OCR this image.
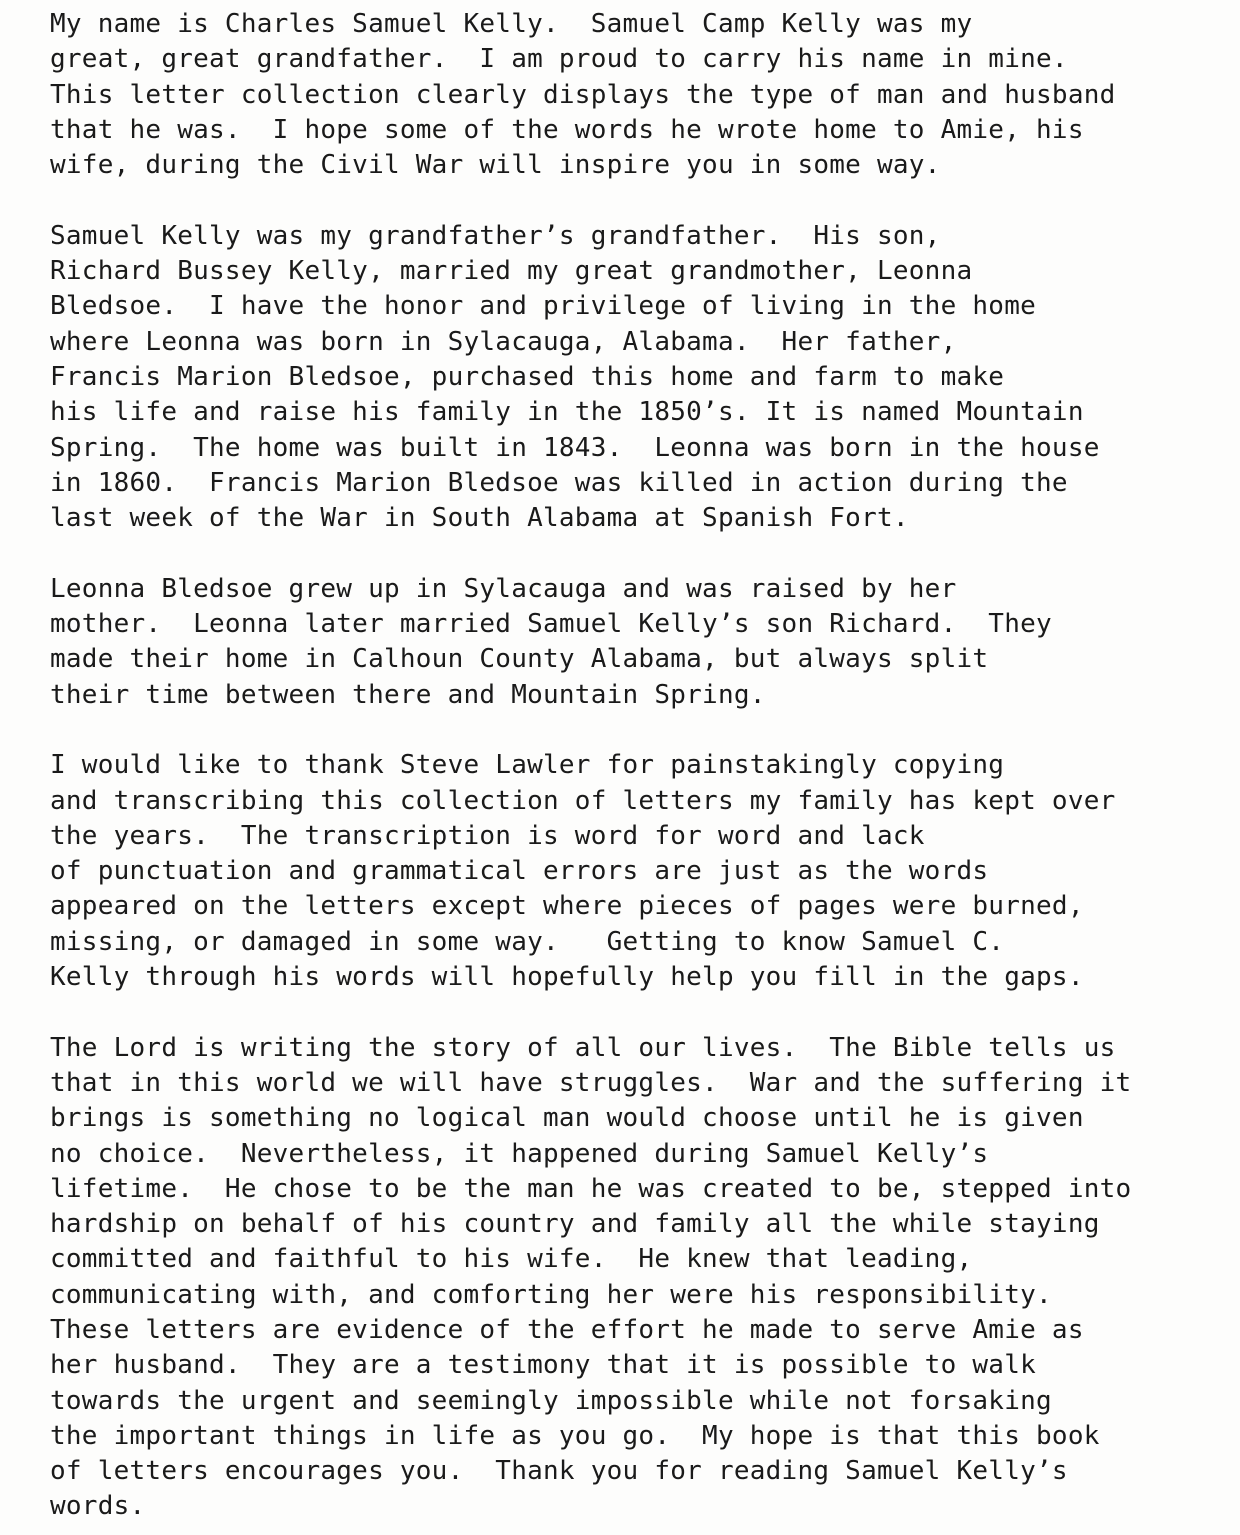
My name is Charles Samuel Kelly.  Samuel Camp Kelly was my
great, great grandfather.  I am proud to carry his name in mine.
This letter collection clearly displays the type of man and husband
that he was.  I hope some of the words he wrote home to Amie, his
wife, during the Civil War will inspire you in some way.
Samuel Kelly was my grandfather’s grandfather.  His son,
Richard Bussey Kelly, married my great grandmother, Leonna
Bledsoe.  I have the honor and privilege of living in the home
where Leonna was born in Sylacauga, Alabama.  Her father,
Francis Marion Bledsoe, purchased this home and farm to make
his life and raise his family in the 1850’s. It is named Mountain
Spring.  The home was built in 1843.  Leonna was born in the house
in 1860.  Francis Marion Bledsoe was killed in action during the
last week of the War in South Alabama at Spanish Fort.
Leonna Bledsoe grew up in Sylacauga and was raised by her
mother.  Leonna later married Samuel Kelly’s son Richard.  They
made their home in Calhoun County Alabama, but always split
their time between there and Mountain Spring.
I would like to thank Steve Lawler for painstakingly copying
and transcribing this collection of letters my family has kept over
the years.  The transcription is word for word and lack
of punctuation and grammatical errors are just as the words
appeared on the letters except where pieces of pages were burned,
missing, or damaged in some way.   Getting to know Samuel C.
Kelly through his words will hopefully help you fill in the gaps.
The Lord is writing the story of all our lives.  The Bible tells us
that in this world we will have struggles.  War and the suffering it
brings is something no logical man would choose until he is given
no choice.  Nevertheless, it happened during Samuel Kelly’s
lifetime.  He chose to be the man he was created to be, stepped into
hardship on behalf of his country and family all the while staying
committed and faithful to his wife.  He knew that leading,
communicating with, and comforting her were his responsibility.
These letters are evidence of the effort he made to serve Amie as
her husband.  They are a testimony that it is possible to walk
towards the urgent and seemingly impossible while not forsaking
the important things in life as you go.  My hope is that this book
of letters encourages you.  Thank you for reading Samuel Kelly’s
words.
